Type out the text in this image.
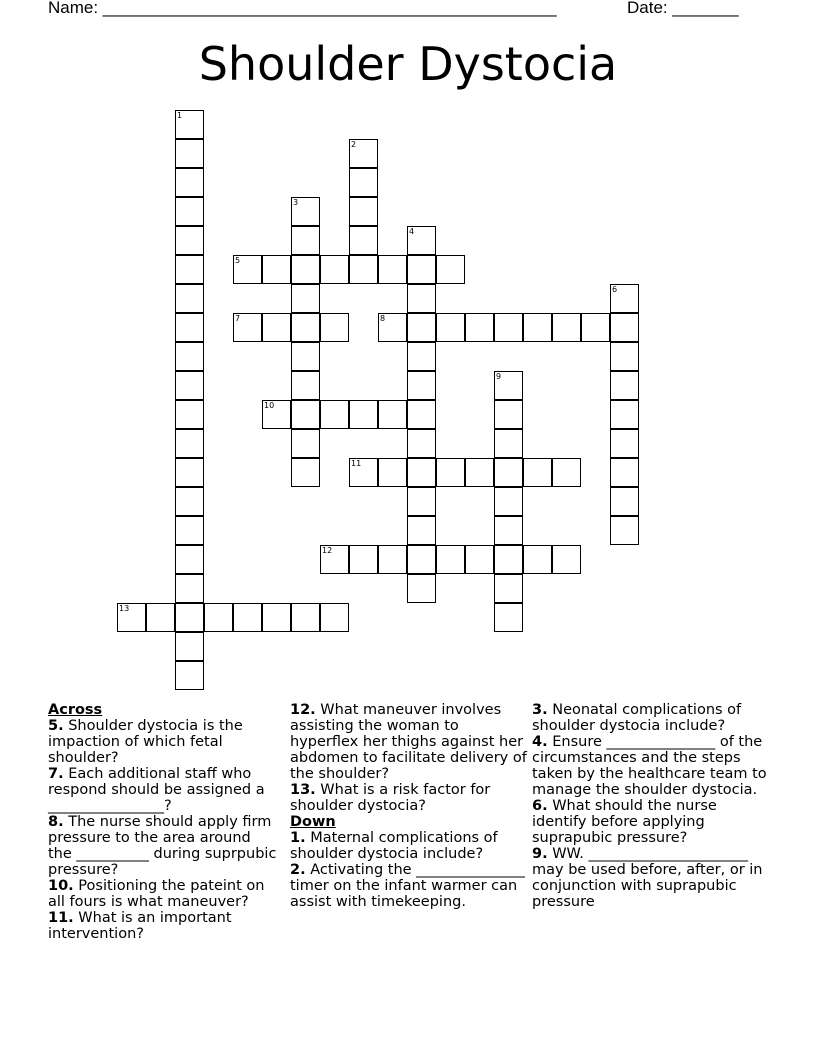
Name: ________________________________________________	Date: _______
Shoulder Dystocia
1
2
3
4
5
6
7	8
9
10
11
12
13

Across

5. Shoulder dystocia is the impaction of which fetal shoulder?

7. Each additional staff who respond should be assigned a ________________?

8. The nurse should apply firm pressure to the area around the __________ during suprpubic pressure?

10. Positioning the pateint on all fours is what maneuver?

11. What is an important intervention?

12. What maneuver involves assisting the woman to hyperflex her thighs against her abdomen to facilitate delivery of the shoulder?

13. What is a risk factor for shoulder dystocia?

Down

1. Maternal complications of shoulder dystocia include?

2. Activating the _______________ timer on the infant warmer can assist with timekeeping.

3. Neonatal complications of shoulder dystocia include?

4. Ensure _______________ of the circumstances and the steps taken by the healthcare team to manage the shoulder dystocia.

6. What should the nurse identify before applying suprapubic pressure?

9. WW. ______________________ may be used before, after, or in conjunction with suprapubic pressure
